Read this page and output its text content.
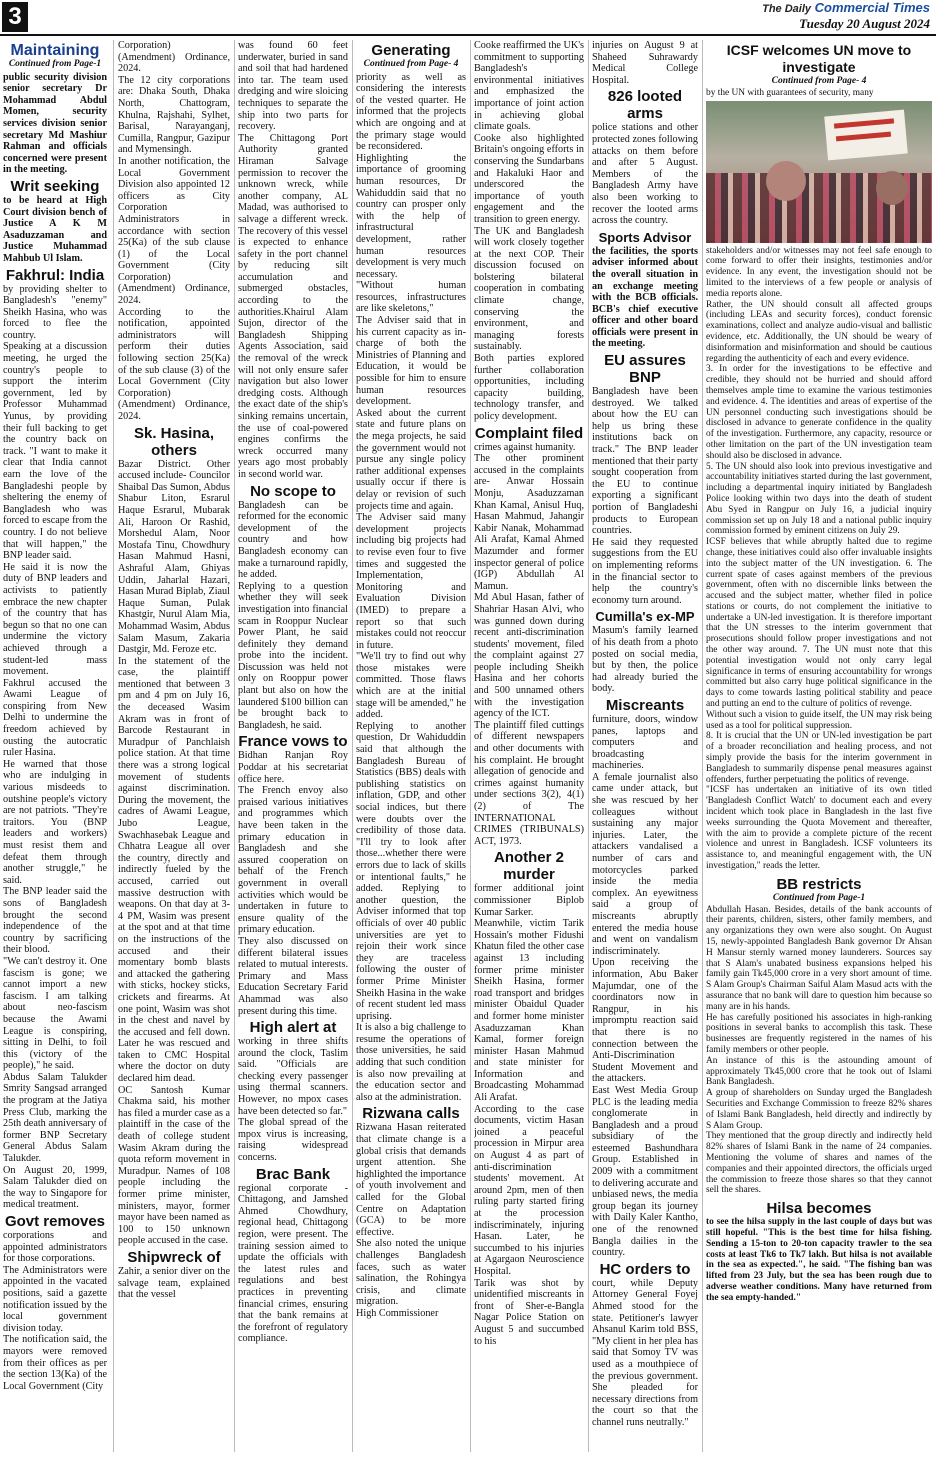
3	The Daily Commercial Times
Tuesday 20 August 2024
Maintaining
Continued from Page-1

public security division senior secretary Dr Mohammad Abdul Momen, security services division senior secretary Md Mashiur Rahman and officials concerned were present in the meeting.

Writ seeking

to be heard at High Court division bench of Justice A K M Asaduzzaman and Justice Muhammad Mahbub Ul Islam.

Fakhrul: India

by providing shelter to Bangladesh's "enemy" Sheikh Hasina, who was forced to flee the country.

Speaking at a discussion meeting, he urged the country's people to support the interim government, led by Professor Muhammad Yunus, by providing their full backing to get the country back on track. "I want to make it clear that India cannot earn the love of the Bangladeshi people by sheltering the enemy of Bangladesh who was forced to escape from the country. I do not believe that will happen," the BNP leader said.

He said it is now the duty of BNP leaders and activists to patiently embrace the new chapter of the country that has begun so that no one can undermine the victory achieved through a student-led mass movement.

Fakhrul accused the Awami League of conspiring from New Delhi to undermine the freedom achieved by ousting the autocratic ruler Hasina.

He warned that those who are indulging in various misdeeds to outshine people's victory are not patriots. "They're traitors. You (BNP leaders and workers) must resist them and defeat them through another struggle," he said.

The BNP leader said the sons of Bangladesh brought the second independence of the country by sacrificing their blood.

"We can't destroy it. One fascism is gone; we cannot import a new fascism. I am talking about neo-fascism because the Awami League is conspiring, sitting in Delhi, to foil this (victory of the people)," he said.

Abdus Salam Talukder Smrity Sangsad arranged the program at the Jatiya Press Club, marking the 25th death anniversary of former BNP Secretary General Abdus Salam Talukder.

On August 20, 1999, Salam Talukder died on the way to Singapore for medical treatment.

Govt removes

corporations and appointed administrators for those corporations.

The Administrators were appointed in the vacated positions, said a gazette notification issued by the local government division today.

The notification said, the mayors were removed from their offices as per the section 13(Ka) of the Local Government (City

Corporation) (Amendment) Ordinance, 2024.

The 12 city corporations are: Dhaka South, Dhaka North, Chattogram, Khulna, Rajshahi, Sylhet, Barisal, Narayanganj, Cumilla, Rangpur, Gazipur and Mymensingh.

In another notification, the Local Government Division also appointed 12 officers as City Corporation Administrators in accordance with section 25(Ka) of the sub clause (1) of the Local Government (City Corporation) (Amendment) Ordinance, 2024.

According to the notification, appointed administrators will perform their duties following section 25(Ka) of the sub clause (3) of the Local Government (City Corporation) (Amendment) Ordinance, 2024.

Sk. Hasina, others

Bazar District. Other accused include- Councilor Shaibal Das Sumon, Abdus Shabur Liton, Esrarul Haque Esrarul, Mubarak Ali, Haroon Or Rashid, Morshedul Alam, Noor Mostafa Tinu, Chowdhury Hasan Mahmud Hasni, Ashraful Alam, Ghiyas Uddin, Jaharlal Hazari, Hasan Murad Biplab, Ziaul Haque Suman, Pulak Khastgir, Nurul Alam Mia, Mohammad Wasim, Abdus Salam Masum, Zakaria Dastgir, Md. Feroze etc.

In the statement of the case, the plaintiff mentioned that between 3 pm and 4 pm on July 16, the deceased Wasim Akram was in front of Barcode Restaurant in Muradpur of Panchlaish police station. At that time there was a strong logical movement of students against discrimination. During the movement, the cadres of Awami League, Jubo League, Swachhasebak League and Chhatra League all over the country, directly and indirectly fueled by the accused, carried out massive destruction with weapons. On that day at 3-4 PM, Wasim was present at the spot and at that time on the instructions of the accused and their momentary bomb blasts and attacked the gathering with sticks, hockey sticks, crickets and firearms. At one point, Wasim was shot in the chest and navel by the accused and fell down. Later he was rescued and taken to CMC Hospital where the doctor on duty declared him dead.

OC Santosh Kumar Chakma said, his mother has filed a murder case as a plaintiff in the case of the death of college student Wasim Akram during the quota reform movement in Muradpur. Names of 108 people including the former prime minister, ministers, mayor, former mayor have been named as 100 to 150 unknown people accused in the case.

Shipwreck of

Zahir, a senior diver on the salvage team, explained that the vessel

was found 60 feet underwater, buried in sand and soil that had hardened into tar. The team used dredging and wire sloicing techniques to separate the ship into two parts for recovery.

The Chittagong Port Authority granted Hiraman Salvage permission to recover the unknown wreck, while another company, AL Madad, was authorised to salvage a different wreck. The recovery of this vessel is expected to enhance safety in the port channel by reducing silt accumulation and submerged obstacles, according to the authorities.Khairul Alam Sujon, director of the Bangladesh Shipping Agents Association, said the removal of the wreck will not only ensure safer navigation but also lower dredging costs. Although the exact date of the ship's sinking remains uncertain, the use of coal-powered engines confirms the wreck occurred many years ago most probably in second world war.

No scope to

Bangladesh can be reformed for the economic development of the country and how Bangladesh economy can make a turnaround rapidly, he added.

Replying to a question whether they will seek investigation into financial scam in Rooppur Nuclear Power Plant, he said definitely they demand probe into the incident. Discussion was held not only on Rooppur power plant but also on how the laundered $100 billion can be brought back to Bangladesh, he said.

France vows to

Bidhan Ranjan Roy Poddar at his secretariat office here.

The French envoy also praised various initiatives and programmes which have been taken in the primary education in Bangladesh and she assured cooperation on behalf of the French government in overall activities which would be undertaken in future to ensure quality of the primary education.

They also discussed on different bilateral issues related to mutual interests. Primary and Mass Education Secretary Farid Ahammad was also present during this time.

High alert at

working in three shifts around the clock, Taslim said. "Officials are checking every passenger using thermal scanners. However, no mpox cases have been detected so far."

The global spread of the mpox virus is increasing, raising widespread concerns.

Brac Bank

regional corporate - Chittagong, and Jamshed Ahmed Chowdhury, regional head, Chittagong region, were present. The training session aimed to update the officials with the latest rules and regulations and best practices in preventing financial crimes, ensuring that the bank remains at the forefront of regulatory compliance.

Generating
Continued from Page- 4

priority as well as considering the interests of the vested quarter. He informed that the projects which are ongoing and at the primary stage would be reconsidered.

Highlighting the importance of grooming human resources, Dr Wahiduddin said that no country can prosper only with the help of infrastructural development, rather human resources development is very much necessary.

"Without human resources, infrastructures are like skeletons,"

The Adviser said that in his current capacity as in-charge of both the Ministries of Planning and Education, it would be possible for him to ensure human resources development.

Asked about the current state and future plans on the mega projects, he said the government would not pursue any single policy rather additional expenses usually occur if there is delay or revision of such projects time and again.

The Adviser said many development projects including big projects had to revise even four to five times and suggested the Implementation, Monitoring and Evaluation Division (IMED) to prepare a report so that such mistakes could not reoccur in future.

"We'll try to find out why those mistakes were committed. Those flaws which are at the initial stage will be amended," he added.

Replying to another question, Dr Wahiduddin said that although the Bangladesh Bureau of Statistics (BBS) deals with publishing statistics on inflation, GDP, and other social indices, but there were doubts over the credibility of those data. "I'll try to look after those...whether there were errors due to lack of skills or intentional faults," he added. Replying to another question, the Adviser informed that top officials of over 40 public universities are yet to rejoin their work since they are traceless following the ouster of former Prime Minister Sheikh Hasina in the wake of recent student led mass uprising.

It is also a big challenge to resume the operations of those universities, he said adding that such condition is also now prevailing at the education sector and also at the administration.

Rizwana calls

Rizwana Hasan reiterated that climate change is a global crisis that demands urgent attention. She highlighted the importance of youth involvement and called for the Global Centre on Adaptation (GCA) to be more effective.

She also noted the unique challenges Bangladesh faces, such as water salination, the Rohingya crisis, and climate migration.

High Commissioner

Cooke reaffirmed the UK's commitment to supporting Bangladesh's environmental initiatives and emphasized the importance of joint action in achieving global climate goals.

Cooke also highlighted Britain's ongoing efforts in conserving the Sundarbans and Hakaluki Haor and underscored the importance of youth engagement and the transition to green energy.

The UK and Bangladesh will work closely together at the next COP. Their discussion focused on bolstering bilateral cooperation in combating climate change, conserving the environment, and managing forests sustainably.

Both parties explored further collaboration opportunities, including capacity building, technology transfer, and policy development.

Complaint filed

crimes against humanity.

The other prominent accused in the complaints are- Anwar Hossain Monju, Asaduzzaman Khan Kamal, Anisul Huq, Hasan Mahmud, Jahangir Kabir Nanak, Mohammad Ali Arafat, Kamal Ahmed Mazumder and former inspector general of police (IGP) Abdullah Al Mamun.

Md Abul Hasan, father of Shahriar Hasan Alvi, who was gunned down during recent anti-discrimination students' movement, filed the complaint against 27 people including Sheikh Hasina and her cohorts and 500 unnamed others with the investigation agency of the ICT.

The plaintiff filed cuttings of different newspapers and other documents with his complaint. He brought allegation of genocide and crimes against humanity under sections 3(2), 4(1) (2) of The INTERNATIONAL CRIMES (TRIBUNALS) ACT, 1973.

Another 2 murder

former additional joint commissioner Biplob Kumar Sarker.

Meanwhile, victim Tarik Hossain's mother Fidushi Khatun filed the other case against 13 including former prime minister Sheikh Hasina, former road transport and bridges minister Obaidul Quader and former home minister Asaduzzaman Khan Kamal, former foreign minister Hasan Mahmud and state minister for Information and Broadcasting Mohammad Ali Arafat.

According to the case documents, victim Hasan joined a peaceful procession in Mirpur area on August 4 as part of anti-discrimination students' movement. At around 2pm, men of then ruling party started firing at the procession indiscriminately, injuring Hasan. Later, he succumbed to his injuries at Agargaon Neuroscience Hospital.

Tarik was shot by unidentified miscreants in front of Sher-e-Bangla Nagar Police Station on August 5 and succumbed to his

injuries on August 9 at Shaheed Suhrawardy Medical College Hospital.

826 looted arms

police stations and other protected zones following attacks on them before and after 5 August. Members of the Bangladesh Army have also been working to recover the looted arms across the country.

Sports Advisor

the facilities, the sports adviser informed about the overall situation in an exchange meeting with the BCB officials. BCB's chief executive officer and other board officials were present in the meeting.

EU assures BNP

Bangladesh have been destroyed. We talked about how the EU can help us bring these institutions back on track." The BNP leader mentioned that their party sought cooperation from the EU to continue exporting a significant portion of Bangladeshi products to European countries.

He said they requested suggestions from the EU on implementing reforms in the financial sector to help the country's economy turn around.

Cumilla's ex-MP

Masum's family learned of his death from a photo posted on social media, but by then, the police had already buried the body.

Miscreants

furniture, doors, window panes, laptops and computers and broadcasting machineries.

A female journalist also came under attack, but she was rescued by her colleagues without sustaining any major injuries. Later, the attackers vandalised a number of cars and motorcycles parked inside the media complex. An eyewitness said a group of miscreants abruptly entered the media house and went on vandalism indiscriminately.

Upon receiving the information, Abu Baker Majumdar, one of the coordinators now in Rangpur, in his impromptu reaction said that there is no connection between the Anti-Discrimination Student Movement and the attackers.

East West Media Group PLC is the leading media conglomerate in Bangladesh and a proud subsidiary of the esteemed Bashundhara Group. Established in 2009 with a commitment to delivering accurate and unbiased news, the media group began its journey with Daily Kaler Kantho, one of the renowned Bangla dailies in the country.

HC orders to

court, while Deputy Attorney General Foyej Ahmed stood for the state. Petitioner's lawyer Ahsanul Karim told BSS, "My client in her plea has said that Somoy TV was used as a mouthpiece of the previous government. She pleaded for necessary directions from the court so that the channel runs neutrally."

ICSF welcomes UN move to investigate
Continued from Page- 4

by the UN with guarantees of security, many

stakeholders and/or witnesses may not feel safe enough to come forward to offer their insights, testimonies and/or evidence. In any event, the investigation should not be limited to the interviews of a few people or analysis of media reports alone.

Rather, the UN should consult all affected groups (including LEAs and security forces), conduct forensic examinations, collect and analyze audio-visual and ballistic evidence, etc. Additionally, the UN should be weary of disinformation and misinformation and should be cautious regarding the authenticity of each and every evidence.

3. In order for the investigations to be effective and credible, they should not be hurried and should afford themselves ample time to examine the various testimonies and evidence. 4. The identities and areas of expertise of the UN personnel conducting such investigations should be disclosed in advance to generate confidence in the quality of the investigation. Furthermore, any capacity, resource or other limitation on the part of the UN investigation team should also be disclosed in advance.

5. The UN should also look into previous investigative and accountability initiatives started during the last government, including a departmental inquiry initiated by Bangladesh Police looking within two days into the death of student Abu Syed in Rangpur on July 16, a judicial inquiry commission set up on July 18 and a national public inquiry commission formed by eminent citizens on July 29.

ICSF believes that while abruptly halted due to regime change, these initiatives could also offer invaluable insights into the subject matter of the UN investigation. 6. The current spate of cases against members of the previous government, often with no discernible links between the accused and the subject matter, whether filed in police stations or courts, do not complement the initiative to undertake a UN-led investigation. It is therefore important that the UN stresses to the interim government that prosecutions should follow proper investigations and not the other way around. 7. The UN must note that this potential investigation would not only carry legal significance in terms of ensuring accountability for wrongs committed but also carry huge political significance in the days to come towards lasting political stability and peace and putting an end to the culture of politics of revenge.

Without such a vision to guide itself, the UN may risk being used as a tool for political suppression.

8. It is crucial that the UN or UN-led investigation be part of a broader reconciliation and healing process, and not simply provide the basis for the interim government in Bangladesh to summarily dispense penal measures against offenders, further perpetuating the politics of revenge.

"ICSF has undertaken an initiative of its own titled 'Bangladesh Conflict Watch' to document each and every incident which took place in Bangladesh in the last five weeks surrounding the Quota Movement and thereafter, with the aim to provide a complete picture of the recent violence and unrest in Bangladesh. ICSF volunteers its assistance to, and meaningful engagement with, the UN investigation," reads the letter.

BB restricts
Continued from Page-1

Abdullah Hasan. Besides, details of the bank accounts of their parents, children, sisters, other family members, and any organizations they own were also sought. On August 15, newly-appointed Bangladesh Bank governor Dr Ahsan H Mansur sternly warned money launderers. Sources say that S Alam's unabated business expansions helped his family gain Tk45,000 crore in a very short amount of time. S Alam Group's Chairman Saiful Alam Masud acts with the assurance that no bank will dare to question him because so many are in his hands.

He has carefully positioned his associates in high-ranking positions in several banks to accomplish this task. These businesses are frequently registered in the names of his family members or other people.

An instance of this is the astounding amount of approximately Tk45,000 crore that he took out of Islami Bank Bangladesh.

A group of shareholders on Sunday urged the Bangladesh Securities and Exchange Commission to freeze 82% shares of Islami Bank Bangladesh, held directly and indirectly by S Alam Group.

They mentioned that the group directly and indirectly held 82% shares of Islami Bank in the name of 24 companies. Mentioning the volume of shares and names of the companies and their appointed directors, the officials urged the commission to freeze those shares so that they cannot sell the shares.

Hilsa becomes

to see the hilsa supply in the last couple of days but was still hopeful. "This is the best time for hilsa fishing. Sending a 15-ton to 20-ton capacity trawler to the sea costs at least Tk6 to Tk7 lakh. But hilsa is not available in the sea as expected.", he said. "The fishing ban was lifted from 23 July, but the sea has been rough due to adverse weather conditions. Many have returned from the sea empty-handed."
